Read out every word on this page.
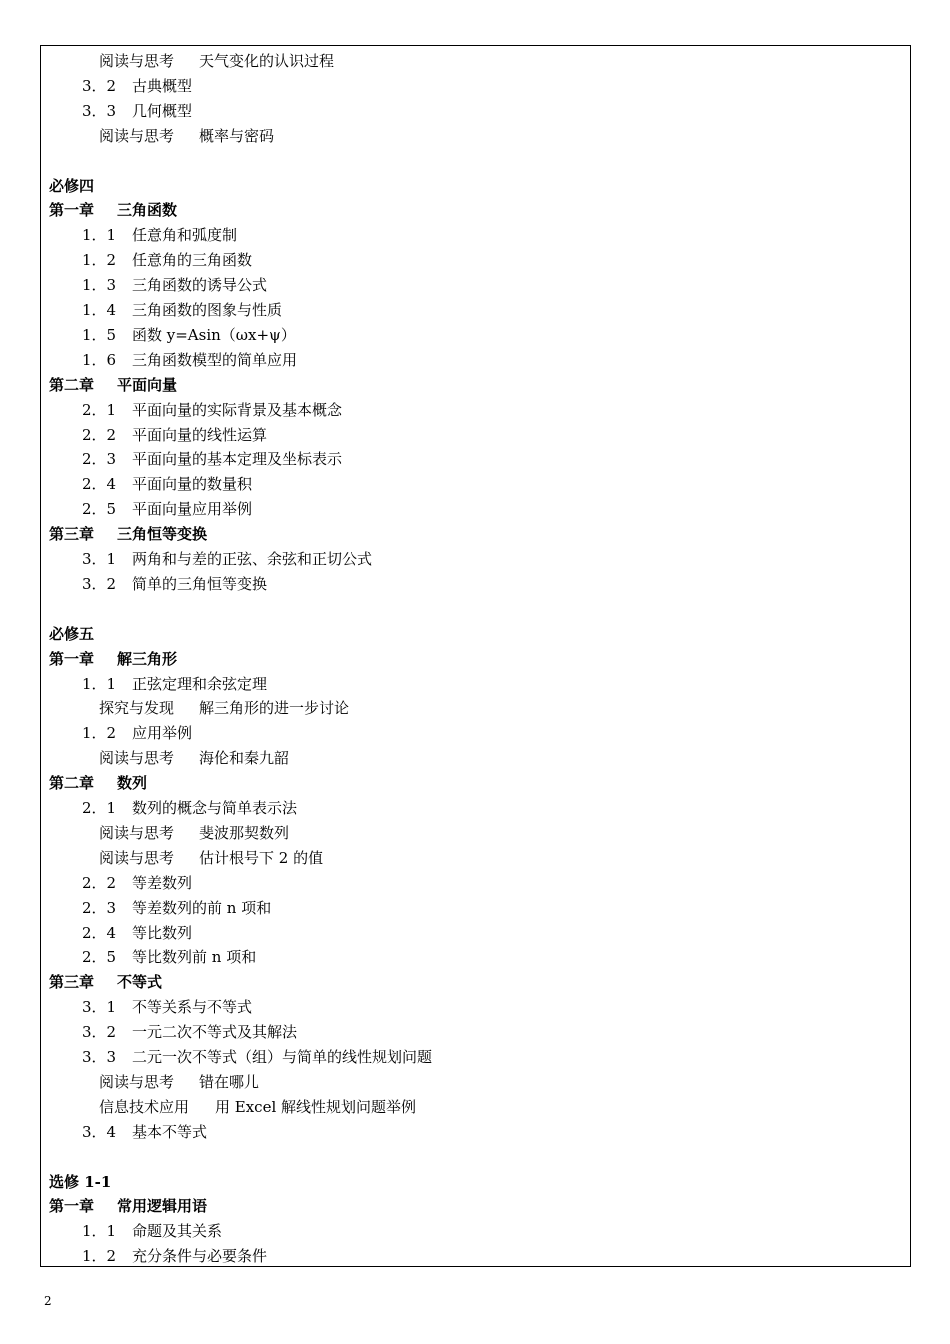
阅读与思考 天气变化的认识过程
3．2 古典概型
3．3 几何概型
阅读与思考 概率与密码
必修四
第一章 三角函数
1．1 任意角和弧度制
1．2 任意角的三角函数
1．3 三角函数的诱导公式
1．4 三角函数的图象与性质
1．5 函数 y=Asin（ωx+ψ）
1．6 三角函数模型的简单应用
第二章 平面向量
2．1 平面向量的实际背景及基本概念
2．2 平面向量的线性运算
2．3 平面向量的基本定理及坐标表示
2．4 平面向量的数量积
2．5 平面向量应用举例
第三章 三角恒等变换
3．1 两角和与差的正弦、余弦和正切公式
3．2 简单的三角恒等变换
必修五
第一章 解三角形
1．1 正弦定理和余弦定理
探究与发现 解三角形的进一步讨论
1．2 应用举例
阅读与思考 海伦和秦九韶
第二章 数列
2．1 数列的概念与简单表示法
阅读与思考 斐波那契数列
阅读与思考 估计根号下 2 的值
2．2 等差数列
2．3 等差数列的前 n 项和
2．4 等比数列
2．5 等比数列前 n 项和
第三章 不等式
3．1 不等关系与不等式
3．2 一元二次不等式及其解法
3．3 二元一次不等式（组）与简单的线性规划问题
阅读与思考 错在哪儿
信息技术应用 用 Excel 解线性规划问题举例
3．4 基本不等式
选修 1-1
第一章 常用逻辑用语
1．1 命题及其关系
1．2 充分条件与必要条件
2
